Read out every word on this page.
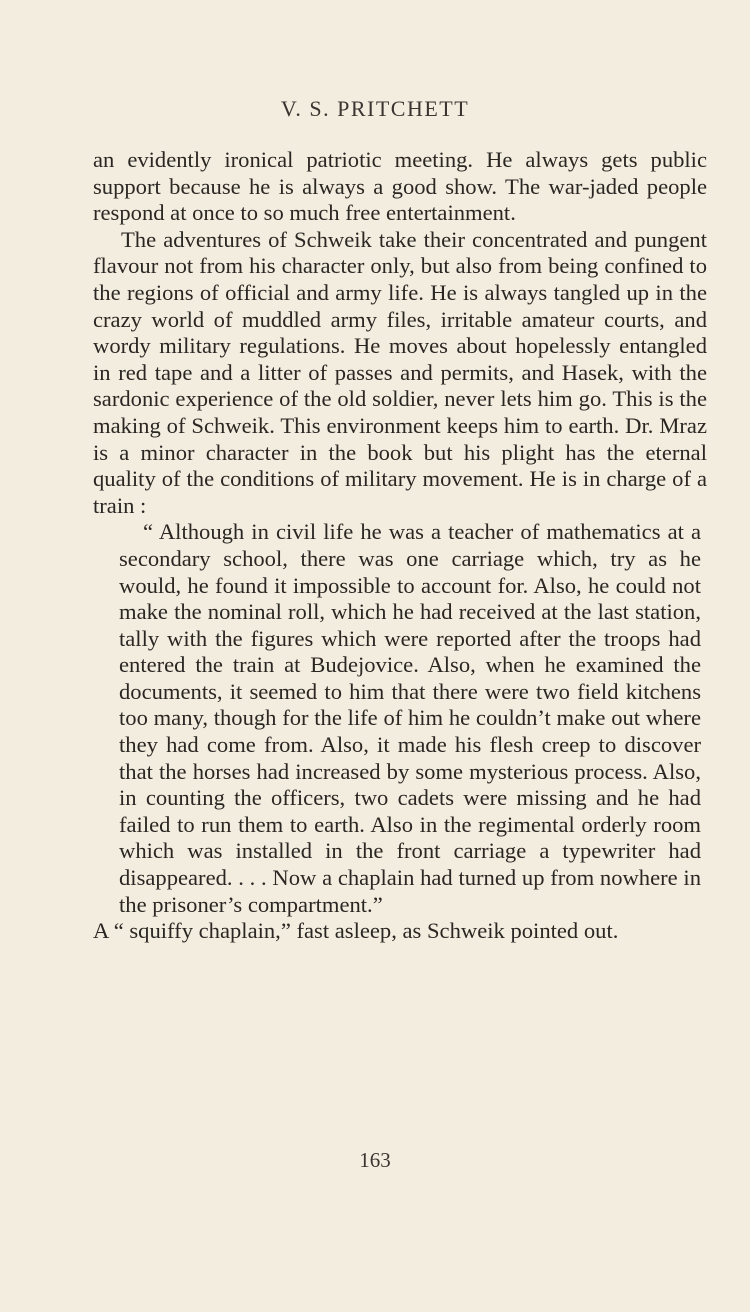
V. S. PRITCHETT

an evidently ironical patriotic meeting. He always gets public support because he is always a good show. The war-jaded people respond at once to so much free entertainment.

The adventures of Schweik take their concentrated and pungent flavour not from his character only, but also from being confined to the regions of official and army life. He is always tangled up in the crazy world of muddled army files, irritable amateur courts, and wordy military regulations. He moves about hopelessly entangled in red tape and a litter of passes and permits, and Hasek, with the sardonic experience of the old soldier, never lets him go. This is the making of Schweik. This environment keeps him to earth. Dr. Mraz is a minor character in the book but his plight has the eternal quality of the conditions of military movement. He is in charge of a train :

“ Although in civil life he was a teacher of mathematics at a secondary school, there was one carriage which, try as he would, he found it impossible to account for. Also, he could not make the nominal roll, which he had received at the last station, tally with the figures which were reported after the troops had entered the train at Budejovice. Also, when he examined the documents, it seemed to him that there were two field kitchens too many, though for the life of him he couldn’t make out where they had come from. Also, it made his flesh creep to discover that the horses had increased by some mysterious process. Also, in counting the officers, two cadets were missing and he had failed to run them to earth. Also in the regimental orderly room which was installed in the front carriage a typewriter had disappeared. . . . Now a chaplain had turned up from nowhere in the prisoner’s compartment.”

A “ squiffy chaplain,” fast asleep, as Schweik pointed out.

163
